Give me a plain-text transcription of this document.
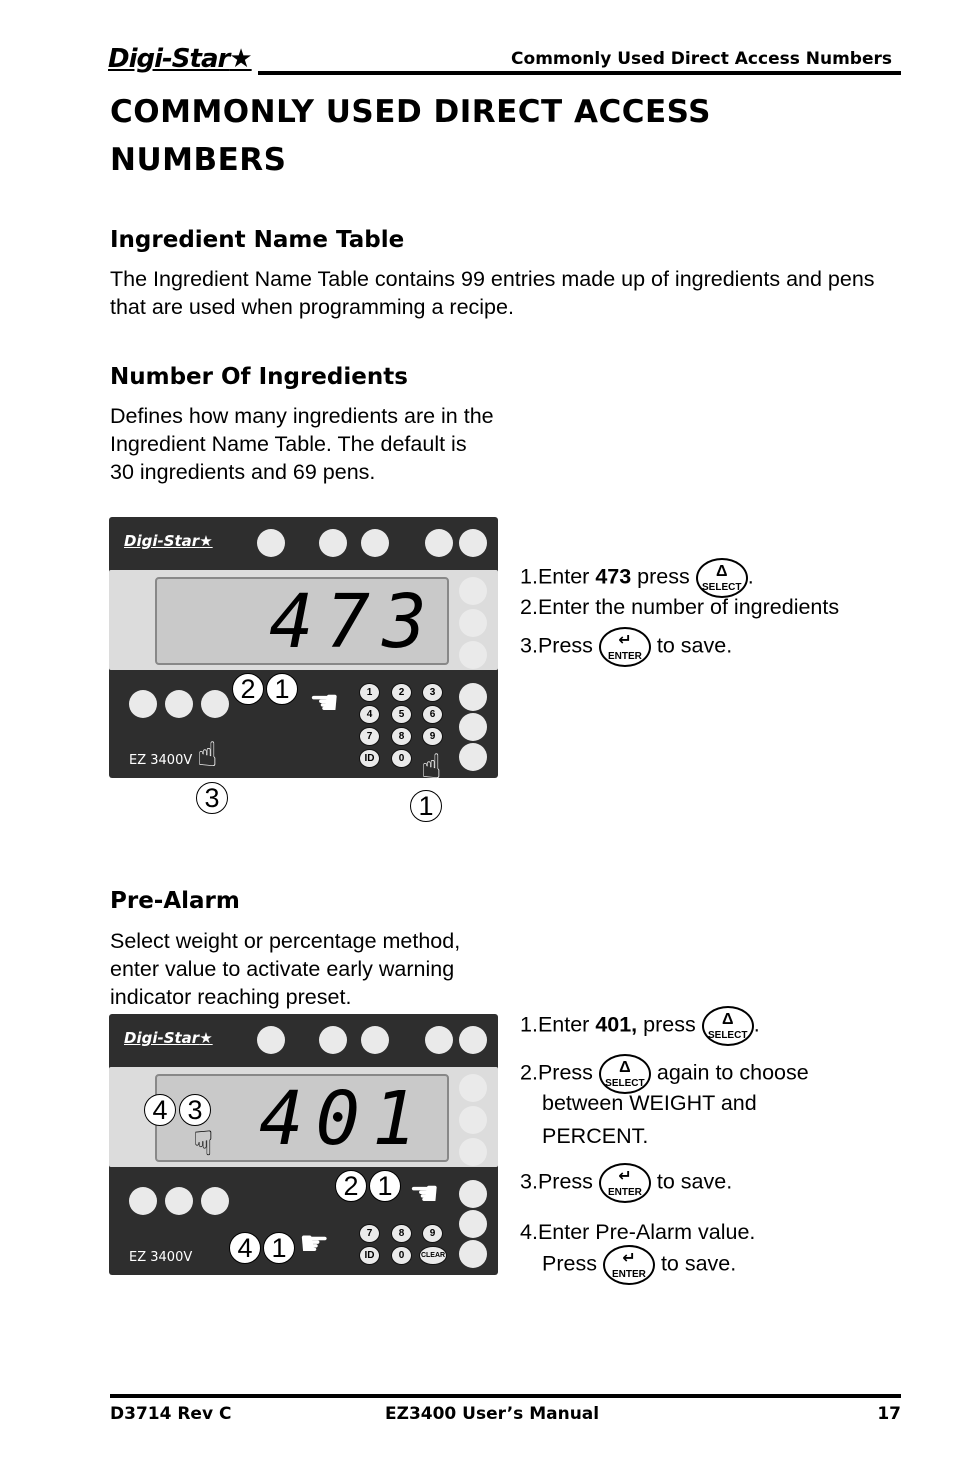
Digi-Star★	Commonly Used Direct Access Numbers
COMMONLY USED DIRECT ACCESS NUMBERS
Ingredient Name Table
The Ingredient Name Table contains 99 entries made up of ingredients and pens that are used when programming a recipe.
Number Of Ingredients
Defines how many ingredients are in the Ingredient Name Table. The default is 30 ingredients and 69 pens.
Digi-Star★
473
1	2	3
4	5	6
7	8	9
ID	0
EZ 3400V
2 1 ☚
☝	☝
3	1
1.Enter 473 press	Δ
SELECT .
2.Enter the number of ingredients
3.Press	↵
ENTER to save.
Pre-Alarm
Select weight or percentage method, enter value to activate early warning indicator reaching preset.
Digi-Star★
401
7	8	9
ID	0	CLEAR
EZ 3400V
4 3
2 1
4 1
☟
☚
☛
1.Enter 401, press	Δ
SELECT .
2.Press	Δ
SELECT again to choose
between WEIGHT and
PERCENT.
3.Press	↵
ENTER to save.
4.Enter Pre-Alarm value.
Press	↵
ENTER to save.
D3714 Rev C	EZ3400 User’s Manual	17
